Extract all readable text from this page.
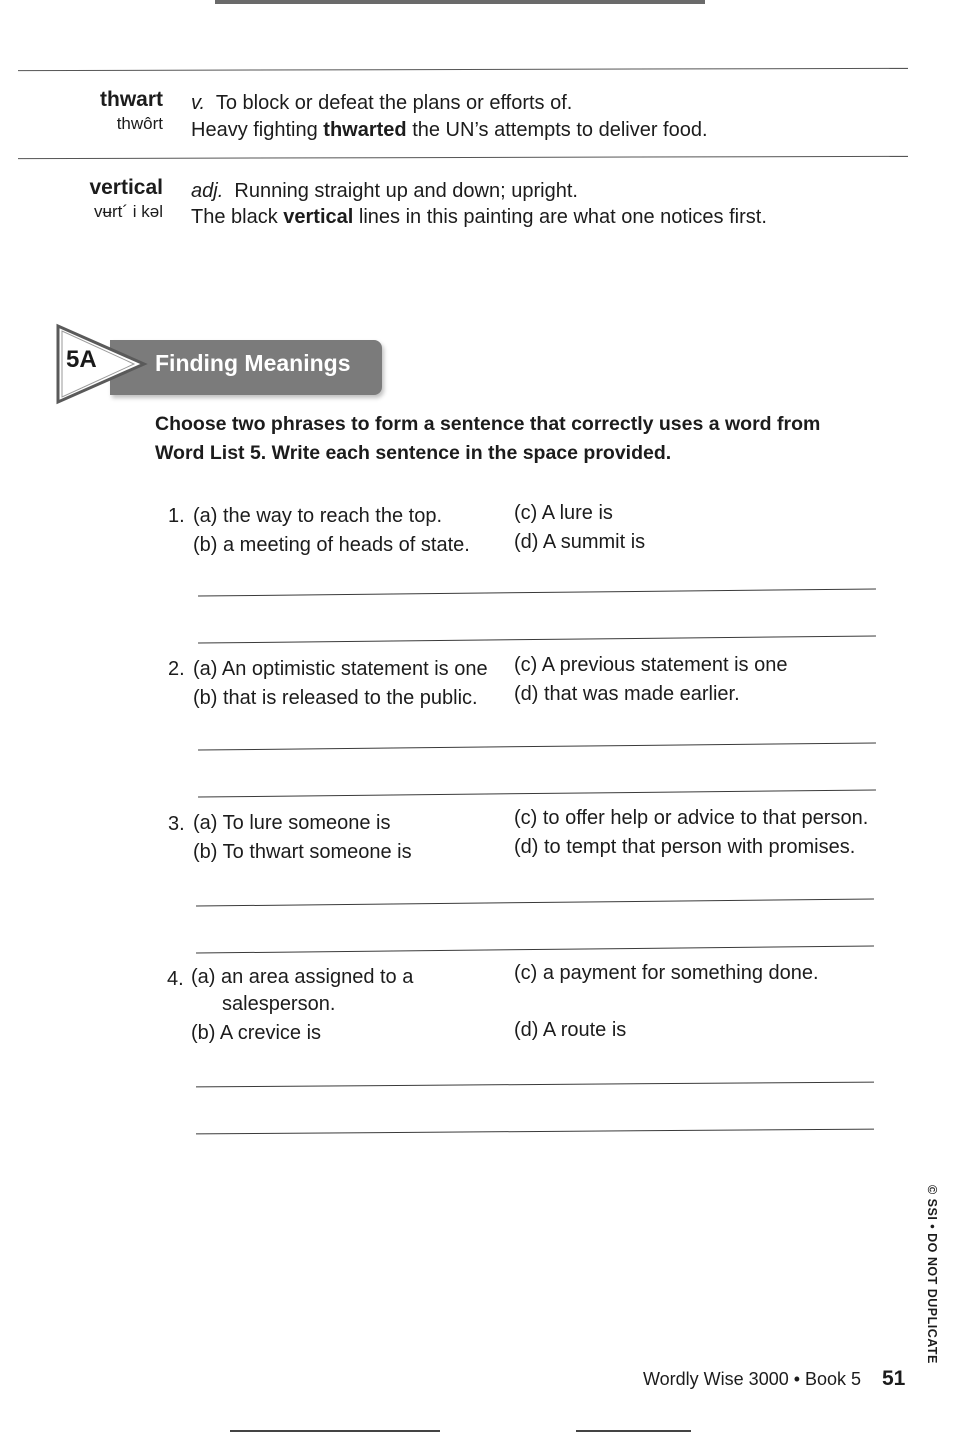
thwart
thwôrt
v. To block or defeat the plans or efforts of.
Heavy fighting thwarted the UN’s attempts to deliver food.
vertical
vʉrt´ i kəl
adj. Running straight up and down; upright.
The black vertical lines in this painting are what one notices first.
5A	Finding Meanings
Choose two phrases to form a sentence that correctly uses a word from
Word List 5. Write each sentence in the space provided.
1. (a) the way to reach the top.
(b) a meeting of heads of state.
(c) A lure is
(d) A summit is
2. (a) An optimistic statement is one
(b) that is released to the public.
(c) A previous statement is one
(d) that was made earlier.
3. (a) To lure someone is
(b) To thwart someone is
(c) to offer help or advice to that person.
(d) to tempt that person with promises.
4. (a) an area assigned to a
salesperson.
(b) A crevice is
(c) a payment for something done.
(d) A route is
© SSI • DO NOT DUPLICATE
Wordly Wise 3000 • Book 5 51
